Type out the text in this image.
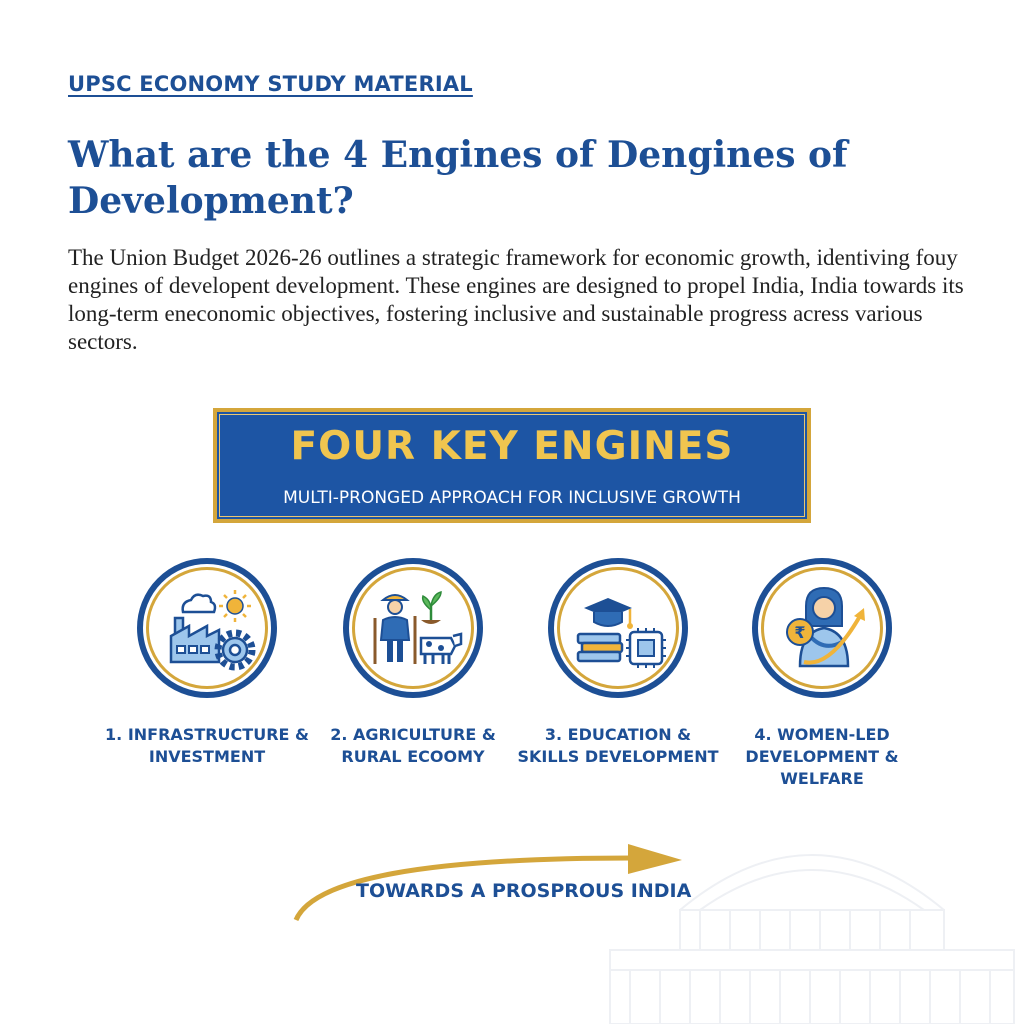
UPSC ECONOMY STUDY MATERIAL

What are the 4 Engines of Dengines of Development?

The Union Budget 2026-26 outlines a strategic framework for economic growth, identiving fouy engines of developent development. These engines are designed to propel India, India towards its long-term eneconomic objectives, fostering inclusive and sustainable progress acress various sectors.

FOUR KEY ENGINES

MULTI-PRONGED APPROACH FOR INCLUSIVE GROWTH

1. INFRASTRUCTURE & INVESTMENT

2. AGRICULTURE & RURAL ECOOMY

3. EDUCATION & SKILLS DEVELOPMENT

₹

4. WOMEN-LED DEVELOPMENT & WELFARE

TOWARDS A PROSPROUS INDIA
